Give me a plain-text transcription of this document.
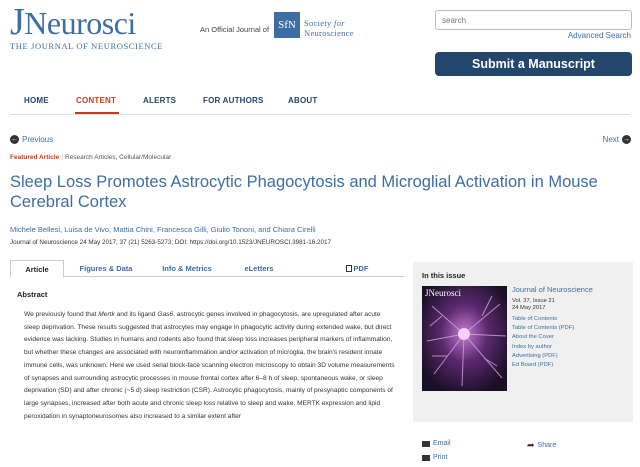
JNeurosci
THE JOURNAL OF NEUROSCIENCE
An Official Journal of SfN Society for
Neuroscience
search	Advanced Search
Submit a Manuscript
HOME	CONTENT	ALERTS	FOR AUTHORS	ABOUT
← Previous	Next →
Featured Article | Research Articles, Cellular/Molecular
Sleep Loss Promotes Astrocytic Phagocytosis and Microglial Activation in Mouse Cerebral Cortex
Michele Bellesi, Luisa de Vivo, Mattia Chini, Francesca Gilli, Giulio Tononi, and Chiara Cirelli
Journal of Neuroscience 24 May 2017, 37 (21) 5263-5273; DOI: https://doi.org/10.1523/JNEUROSCI.3981-16.2017
Article	Figures & Data	Info & Metrics	eLetters	PDF
Abstract

We previously found that Mertk and its ligand Gas6, astrocytic genes involved in phagocytosis, are upregulated after acute sleep deprivation. These results suggested that astrocytes may engage in phagocytic activity during extended wake, but direct evidence was lacking. Studies in humans and rodents also found that sleep loss increases peripheral markers of inflammation, but whether these changes are associated with neuroinflammation and/or activation of microglia, the brain's resident innate immune cells, was unknown. Here we used serial block-face scanning electron microscopy to obtain 3D volume measurements of synapses and surrounding astrocytic processes in mouse frontal cortex after 6–8 h of sleep, spontaneous wake, or sleep deprivation (SD) and after chronic (~5 d) sleep restriction (CSR). Astrocytic phagocytosis, mainly of presynaptic components of large synapses, increased after both acute and chronic sleep loss relative to sleep and wake. MERTK expression and lipid peroxidation in synaptoneurosomes also increased to a similar extent after

In this issue
JNeurosci	Journal of Neuroscience
Vol. 37, Issue 21
24 May 2017
Table of Contents
Table of Contents (PDF)
About the Cover
Index by author
Advertising (PDF)
Ed Board (PDF)
Email	➦ Share
Print
